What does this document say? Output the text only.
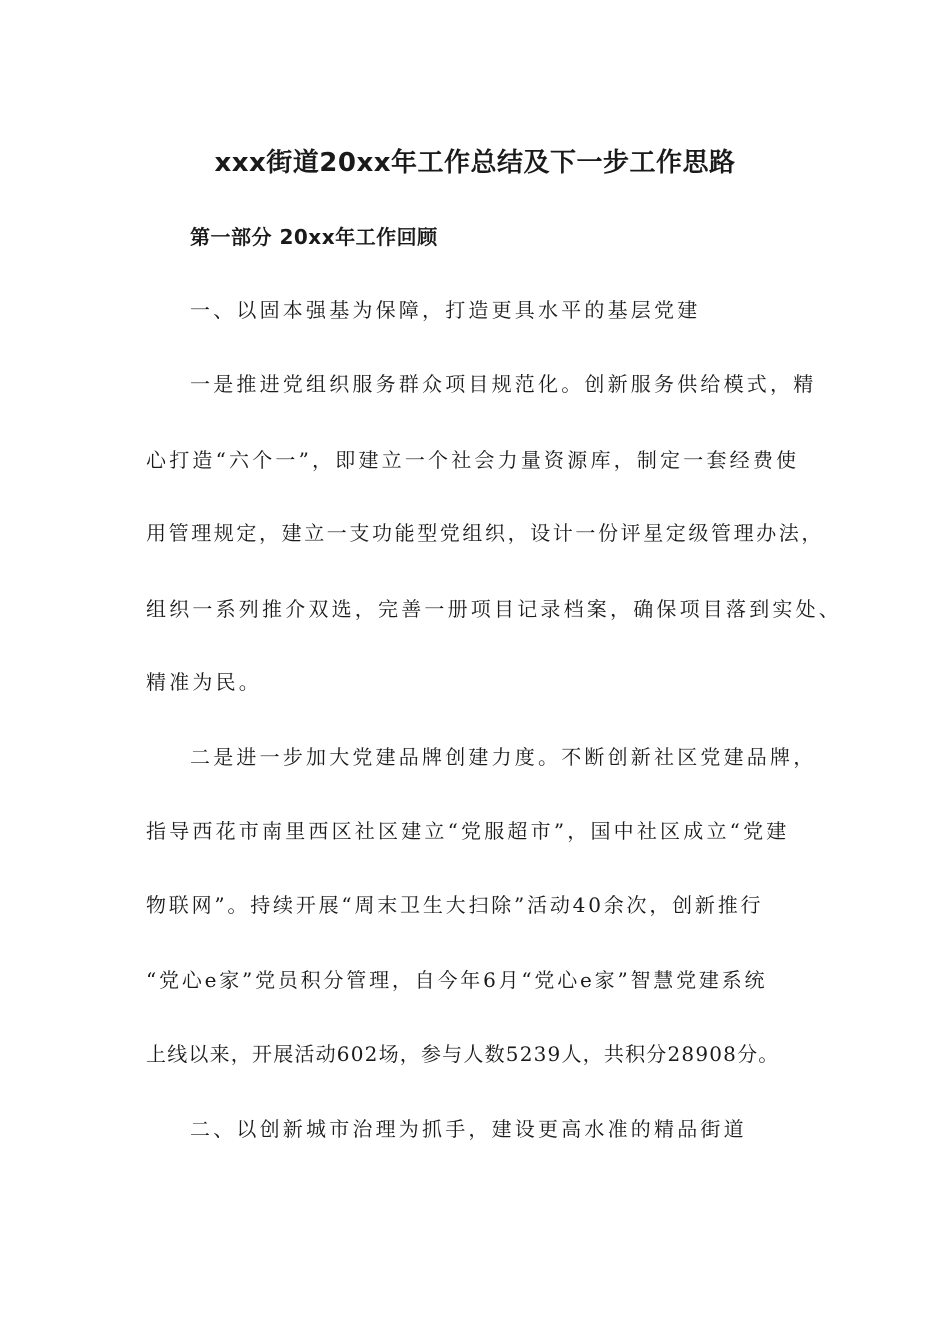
xxx街道20xx年工作总结及下一步工作思路
第一部分 20xx年工作回顾
一、以固本强基为保障，打造更具水平的基层党建
一是推进党组织服务群众项目规范化。创新服务供给模式，精
心打造“六个一”，即建立一个社会力量资源库，制定一套经费使
用管理规定，建立一支功能型党组织，设计一份评星定级管理办法，
组织一系列推介双选，完善一册项目记录档案，确保项目落到实处、
精准为民。
二是进一步加大党建品牌创建力度。不断创新社区党建品牌，
指导西花市南里西区社区建立“党服超市”，国中社区成立“党建
物联网”。持续开展“周末卫生大扫除”活动40余次，创新推行
“党心e家”党员积分管理，自今年6月“党心e家”智慧党建系统
上线以来，开展活动602场，参与人数5239人，共积分28908分。
二、以创新城市治理为抓手，建设更高水准的精品街道
